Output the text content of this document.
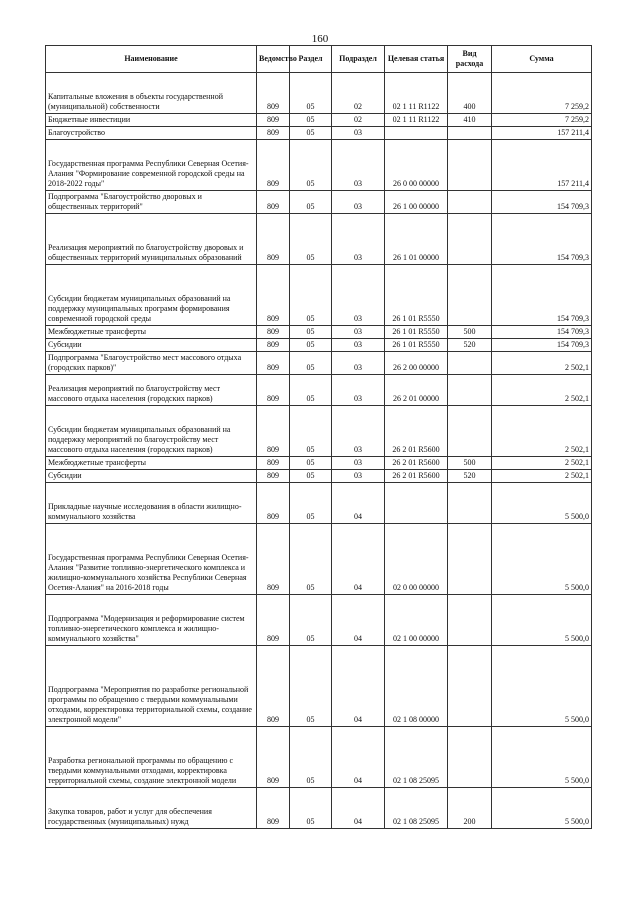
160
Наименование	Ведомство	Раздел	Подраздел	Целевая статья	Вид расхода	Сумма
Капитальные вложения в объекты государственной (муниципальной) собственности	809	05	02	02 1 11 R1122	400	7 259,2
Бюджетные инвестиции	809	05	02	02 1 11 R1122	410	7 259,2
Благоустройство	809	05	03			157 211,4
Государственная программа Республики Северная Осетия-Алания "Формирование современной городской среды на 2018-2022 годы"	809	05	03	26 0 00 00000		157 211,4
Подпрограмма "Благоустройство дворовых и общественных территорий"	809	05	03	26 1 00 00000		154 709,3
Реализация мероприятий по благоустройству дворовых и общественных территорий муниципальных образований	809	05	03	26 1 01 00000		154 709,3
Субсидии бюджетам муниципальных образований на поддержку муниципальных программ формирования современной городской среды	809	05	03	26 1 01 R5550		154 709,3
Межбюджетные трансферты	809	05	03	26 1 01 R5550	500	154 709,3
Субсидии	809	05	03	26 1 01 R5550	520	154 709,3
Подпрограмма "Благоустройство мест массового отдыха (городских парков)"	809	05	03	26 2 00 00000		2 502,1
Реализация мероприятий по благоустройству мест массового отдыха населения (городских парков)	809	05	03	26 2 01 00000		2 502,1
Субсидии бюджетам муниципальных образований на поддержку мероприятий по благоустройству мест массового отдыха населения (городских парков)	809	05	03	26 2 01 R5600		2 502,1
Межбюджетные трансферты	809	05	03	26 2 01 R5600	500	2 502,1
Субсидии	809	05	03	26 2 01 R5600	520	2 502,1
Прикладные научные исследования в области жилищно-коммунального хозяйства	809	05	04			5 500,0
Государственная программа Республики Северная Осетия-Алания "Развитие топливно-энергетического комплекса и жилищно-коммунального хозяйства Республики Северная Осетия-Алания" на 2016-2018 годы	809	05	04	02 0 00 00000		5 500,0
Подпрограмма "Модернизация и реформирование систем топливно-энергетического комплекса и жилищно-коммунального хозяйства"	809	05	04	02 1 00 00000		5 500,0
Подпрограмма "Мероприятия по разработке региональной программы по обращению с твердыми коммунальными отходами, корректировка территориальной схемы, создание электронной модели"	809	05	04	02 1 08 00000		5 500,0
Разработка региональной программы по обращению с твердыми коммунальными отходами, корректировка территориальной схемы, создание электронной модели	809	05	04	02 1 08 25095		5 500,0
Закупка товаров, работ и услуг для обеспечения государственных (муниципальных) нужд	809	05	04	02 1 08 25095	200	5 500,0
